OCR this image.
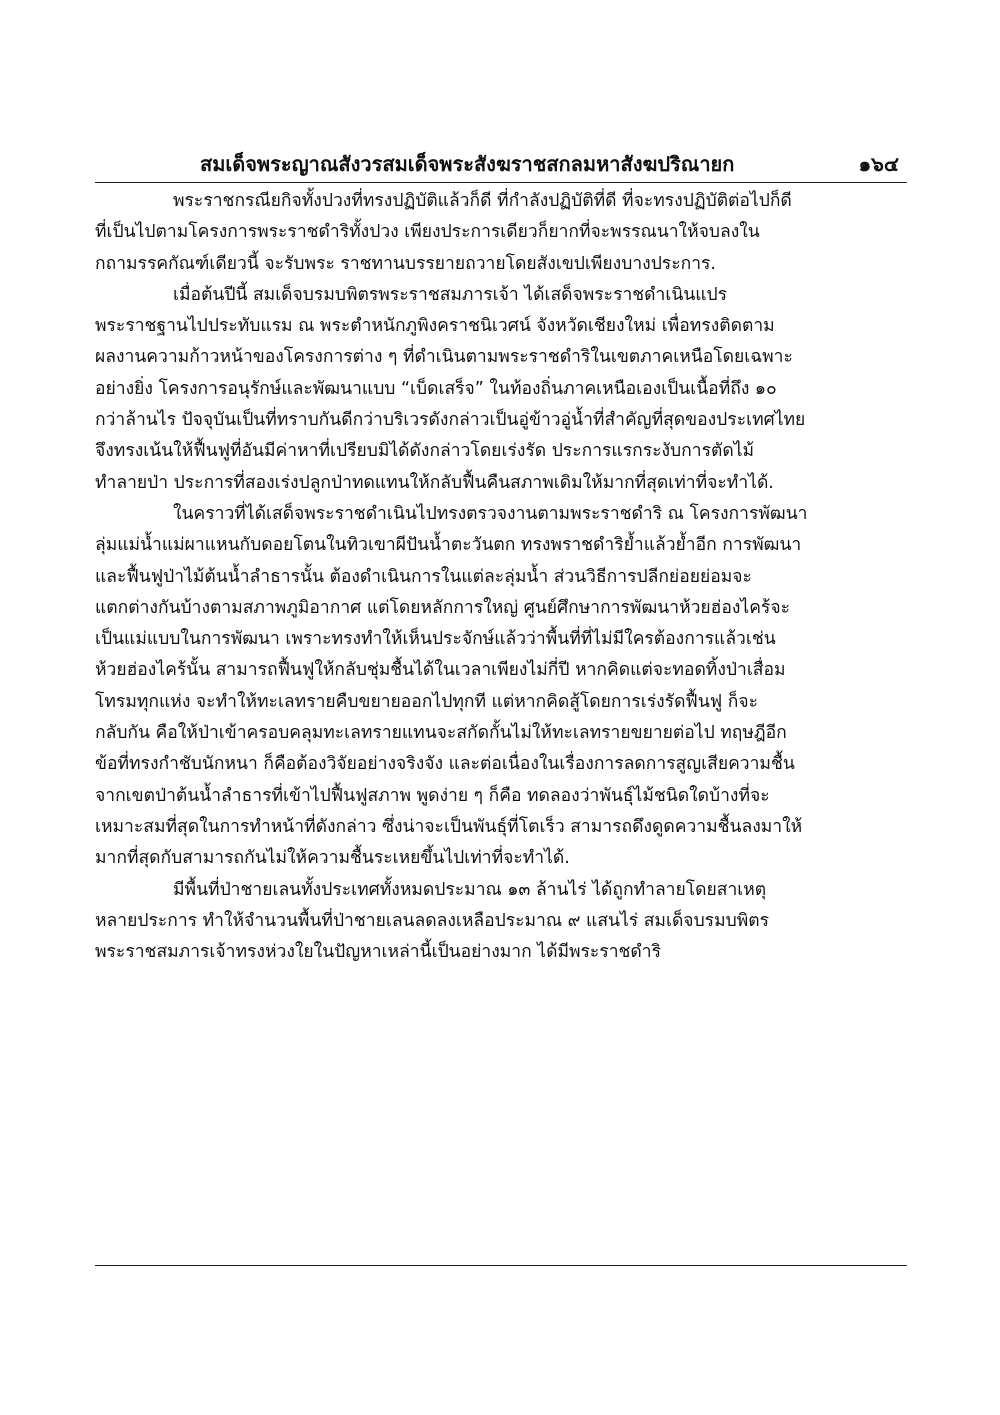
สมเด็จพระญาณสังวรสมเด็จพระสังฆราชสกลมหาสังฆปริณายก	๑๖๔
พระราชกรณียกิจทั้งปวงที่ทรงปฏิบัติแล้วก็ดี ที่กำลังปฏิบัติที่ดี ที่จะทรงปฏิบัติต่อไปก็ดี
ที่เป็นไปตามโครงการพระราชดำริทั้งปวง เพียงประการเดียวก็ยากที่จะพรรณนาให้จบลงใน
กถามรรคกัณฑ์เดียวนี้ จะรับพระ ราชทานบรรยายถวายโดยสังเขปเพียงบางประการ.
เมื่อต้นปีนี้ สมเด็จบรมบพิตรพระราชสมภารเจ้า ได้เสด็จพระราชดำเนินแปร
พระราชฐานไปประทับแรม ณ พระตำหนักภูพิงคราชนิเวศน์ จังหวัดเชียงใหม่ เพื่อทรงติดตาม
ผลงานความก้าวหน้าของโครงการต่าง ๆ ที่ดำเนินตามพระราชดำริในเขตภาคเหนือโดยเฉพาะ
อย่างยิ่ง โครงการอนุรักษ์และพัฒนาแบบ “เบ็ดเสร็จ” ในท้องถิ่นภาคเหนือเองเป็นเนื้อที่ถึง ๑๐
กว่าล้านไร ปัจจุบันเป็นที่ทราบกันดีกว่าบริเวรดังกล่าวเป็นอู่ข้าวอู่น้ำที่สำคัญที่สุดของประเทศไทย
จึงทรงเน้นให้ฟื้นฟูที่อันมีค่าหาที่เปรียบมิได้ดังกล่าวโดยเร่งรัด ประการแรกระงับการตัดไม้
ทำลายป่า ประการที่สองเร่งปลูกป่าทดแทนให้กลับฟื้นคืนสภาพเดิมให้มากที่สุดเท่าที่จะทำได้.
ในคราวที่ได้เสด็จพระราชดำเนินไปทรงตรวจงานตามพระราชดำริ ณ โครงการพัฒนา
ลุ่มแม่น้ำแม่ผาแหนกับดอยโตนในทิวเขาผีปันน้ำตะวันตก ทรงพราชดำริย้ำแล้วย้ำอีก การพัฒนา
และฟื้นฟูป่าไม้ต้นน้ำลำธารนั้น ต้องดำเนินการในแต่ละลุ่มน้ำ ส่วนวิธีการปลีกย่อยย่อมจะ
แตกต่างกันบ้างตามสภาพภูมิอากาศ แต่โดยหลักการใหญ่ ศูนย์ศึกษาการพัฒนาห้วยฮ่องไคร้จะ
เป็นแม่แบบในการพัฒนา เพราะทรงทำให้เห็นประจักษ์แล้วว่าพื้นที่ที่ไม่มีใครต้องการแล้วเช่น
ห้วยฮ่องไคร้นั้น สามารถฟื้นฟูให้กลับชุ่มชื้นได้ในเวลาเพียงไม่กี่ปี หากคิดแต่จะทอดทิ้งป่าเสื่อม
โทรมทุกแห่ง จะทำให้ทะเลทรายคืบขยายออกไปทุกที แต่หากคิดสู้โดยการเร่งรัดฟื้นฟู ก็จะ
กลับกัน คือให้ป่าเข้าครอบคลุมทะเลทรายแทนจะสกัดกั้นไม่ให้ทะเลทรายขยายต่อไป ทฤษฎีอีก
ข้อที่ทรงกำชับนักหนา ก็คือต้องวิจัยอย่างจริงจัง และต่อเนื่องในเรื่องการลดการสูญเสียความชื้น
จากเขตป่าต้นน้ำลำธารที่เข้าไปฟื้นฟูสภาพ พูดง่าย ๆ ก็คือ ทดลองว่าพันธุ์ไม้ชนิดใดบ้างที่จะ
เหมาะสมที่สุดในการทำหน้าที่ดังกล่าว ซึ่งน่าจะเป็นพันธุ์ที่โตเร็ว สามารถดึงดูดความชื้นลงมาให้
มากที่สุดกับสามารถกันไม่ให้ความชื้นระเหยขึ้นไปเท่าที่จะทำได้.
มีพื้นที่ป่าชายเลนทั้งประเทศทั้งหมดประมาณ ๑๓ ล้านไร่ ได้ถูกทำลายโดยสาเหตุ
หลายประการ ทำให้จำนวนพื้นที่ป่าชายเลนลดลงเหลือประมาณ ๙ แสนไร่ สมเด็จบรมบพิตร
พระราชสมภารเจ้าทรงห่วงใยในปัญหาเหล่านี้เป็นอย่างมาก ได้มีพระราชดำริ
